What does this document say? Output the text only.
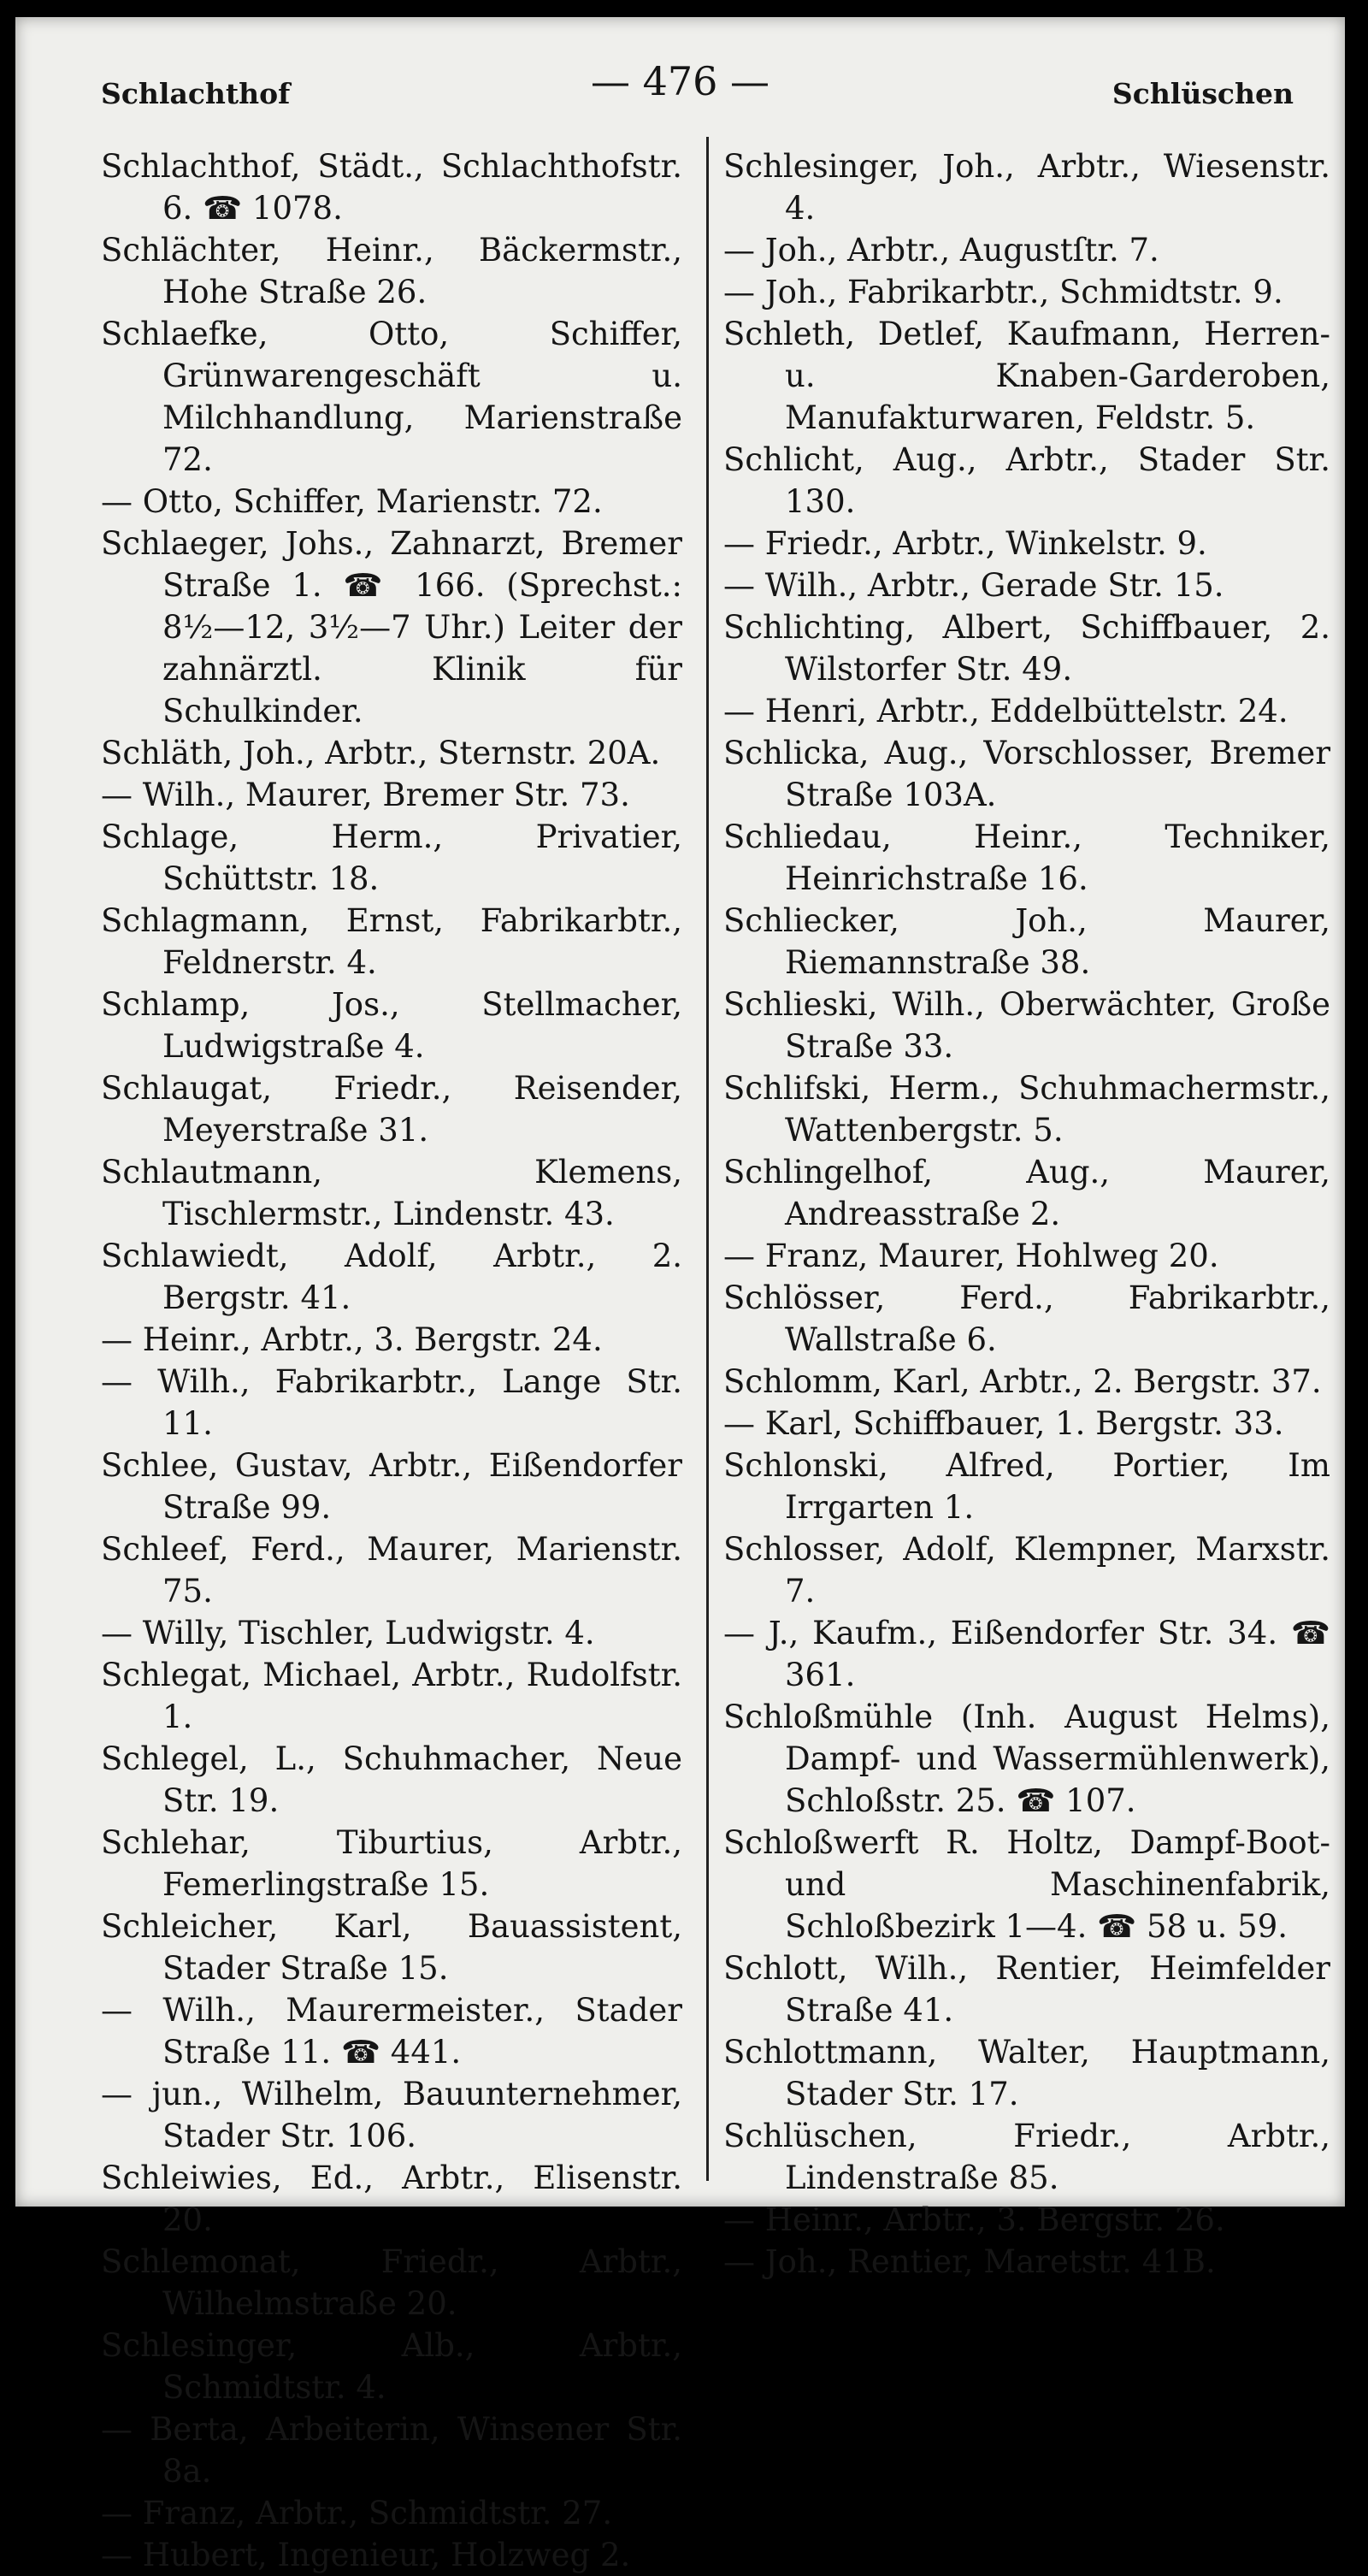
Schlachthof	— 476 —	Schlüschen

Schlachthof, Städt., Schlachthofstr. 6. ☎ 1078.

Schlächter, Heinr., Bäckermstr., Hohe Straße 26.

Schlaefke, Otto, Schiffer, Grünwarengeschäft u. Milchhandlung, Marienstraße 72.

— Otto, Schiffer, Marienstr. 72.

Schlaeger, Johs., Zahnarzt, Bremer Straße 1. ☎ 166. (Sprechst.: 8½—12, 3½—7 Uhr.) Leiter der zahnärztl. Klinik für Schulkinder.

Schläth, Joh., Arbtr., Sternstr. 20A.

— Wilh., Maurer, Bremer Str. 73.

Schlage, Herm., Privatier, Schüttstr. 18.

Schlagmann, Ernst, Fabrikarbtr., Feldnerstr. 4.

Schlamp, Jos., Stellmacher, Ludwigstraße 4.

Schlaugat, Friedr., Reisender, Meyerstraße 31.

Schlautmann, Klemens, Tischlermstr., Lindenstr. 43.

Schlawiedt, Adolf, Arbtr., 2. Bergstr. 41.

— Heinr., Arbtr., 3. Bergstr. 24.

— Wilh., Fabrikarbtr., Lange Str. 11.

Schlee, Gustav, Arbtr., Eißendorfer Straße 99.

Schleef, Ferd., Maurer, Marienstr. 75.

— Willy, Tischler, Ludwigstr. 4.

Schlegat, Michael, Arbtr., Rudolfstr. 1.

Schlegel, L., Schuhmacher, Neue Str. 19.

Schlehar, Tiburtius, Arbtr., Femerlingstraße 15.

Schleicher, Karl, Bauassistent, Stader Straße 15.

— Wilh., Maurermeister., Stader Straße 11. ☎ 441.

— jun., Wilhelm, Bauunternehmer, Stader Str. 106.

Schleiwies, Ed., Arbtr., Elisenstr. 20.

Schlemonat, Friedr., Arbtr., Wilhelmstraße 20.

Schlesinger, Alb., Arbtr., Schmidtstr. 4.

— Berta, Arbeiterin, Winsener Str. 8a.

— Franz, Arbtr., Schmidtstr. 27.

— Hubert, Ingenieur, Holzweg 2.

Schlesinger, Joh., Arbtr., Wiesenstr. 4.

— Joh., Arbtr., Augustſtr. 7.

— Joh., Fabrikarbtr., Schmidtstr. 9.

Schleth, Detlef, Kaufmann, Herren- u. Knaben-Garderoben, Manufakturwaren, Feldstr. 5.

Schlicht, Aug., Arbtr., Stader Str. 130.

— Friedr., Arbtr., Winkelstr. 9.

— Wilh., Arbtr., Gerade Str. 15.

Schlichting, Albert, Schiffbauer, 2. Wilstorfer Str. 49.

— Henri, Arbtr., Eddelbüttelstr. 24.

Schlicka, Aug., Vorschlosser, Bremer Straße 103A.

Schliedau, Heinr., Techniker, Heinrichstraße 16.

Schliecker, Joh., Maurer, Riemannstraße 38.

Schlieski, Wilh., Oberwächter, Große Straße 33.

Schlifski, Herm., Schuhmachermstr., Wattenbergstr. 5.

Schlingelhof, Aug., Maurer, Andreasstraße 2.

— Franz, Maurer, Hohlweg 20.

Schlösser, Ferd., Fabrikarbtr., Wallstraße 6.

Schlomm, Karl, Arbtr., 2. Bergstr. 37.

— Karl, Schiffbauer, 1. Bergstr. 33.

Schlonski, Alfred, Portier, Im Irrgarten 1.

Schlosser, Adolf, Klempner, Marxstr. 7.

— J., Kaufm., Eißendorfer Str. 34. ☎ 361.

Schloßmühle (Inh. August Helms), Dampf- und Wassermühlenwerk), Schloßstr. 25. ☎ 107.

Schloßwerft R. Holtz, Dampf-Boot- und Maschinenfabrik, Schloßbezirk 1—4. ☎ 58 u. 59.

Schlott, Wilh., Rentier, Heimfelder Straße 41.

Schlottmann, Walter, Hauptmann, Stader Str. 17.

Schlüschen, Friedr., Arbtr., Lindenstraße 85.

— Heinr., Arbtr., 3. Bergstr. 26.

— Joh., Rentier, Maretstr. 41B.
